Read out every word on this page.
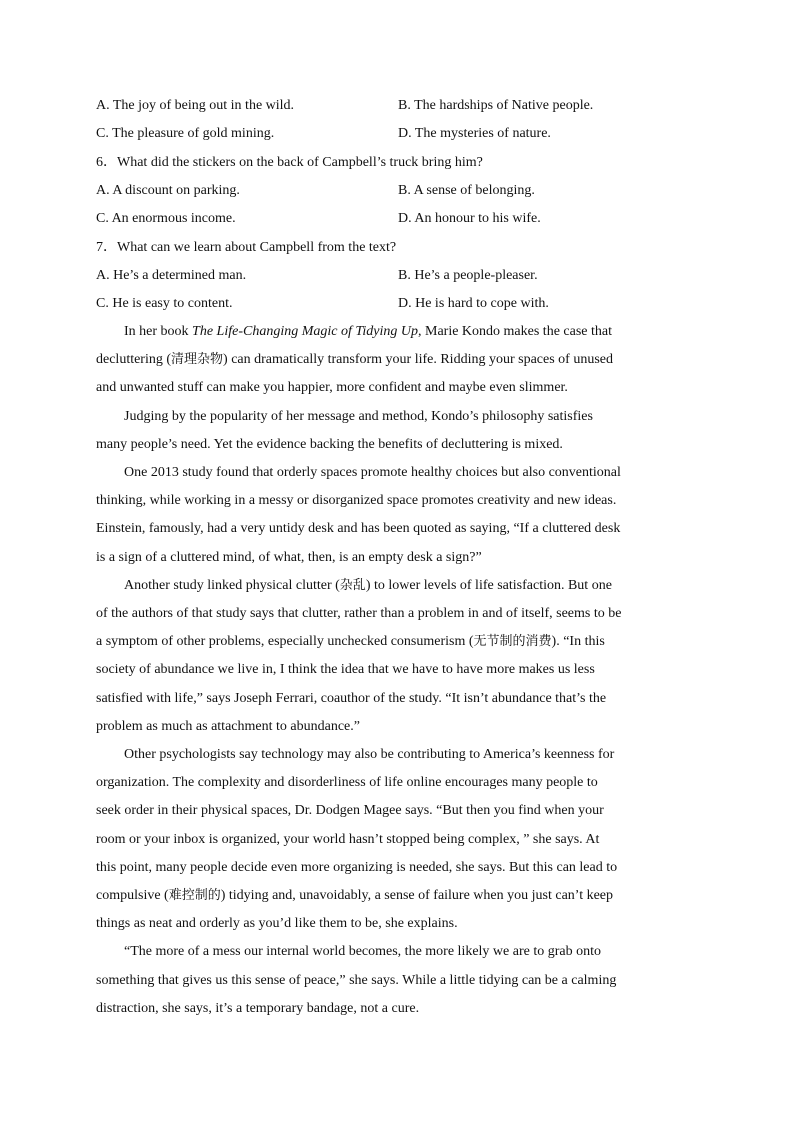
A. The joy of being out in the wild.	B. The hardships of Native people.
C. The pleasure of gold mining.	D. The mysteries of nature.
6．What did the stickers on the back of Campbell’s truck bring him?
A. A discount on parking.	B. A sense of belonging.
C. An enormous income.	D. An honour to his wife.
7．What can we learn about Campbell from the text?
A. He’s a determined man.	B. He’s a people-pleaser.
C. He is easy to content.	D. He is hard to cope with.
In her book The Life-Changing Magic of Tidying Up, Marie Kondo makes the case that
decluttering (清理杂物) can dramatically transform your life. Ridding your spaces of unused
and unwanted stuff can make you happier, more confident and maybe even slimmer.
Judging by the popularity of her message and method, Kondo’s philosophy satisfies
many people’s need. Yet the evidence backing the benefits of decluttering is mixed.
One 2013 study found that orderly spaces promote healthy choices but also conventional
thinking, while working in a messy or disorganized space promotes creativity and new ideas.
Einstein, famously, had a very untidy desk and has been quoted as saying, “If a cluttered desk
is a sign of a cluttered mind, of what, then, is an empty desk a sign?”
Another study linked physical clutter (杂乱) to lower levels of life satisfaction. But one
of the authors of that study says that clutter, rather than a problem in and of itself, seems to be
a symptom of other problems, especially unchecked consumerism (无节制的消费). “In this
society of abundance we live in, I think the idea that we have to have more makes us less
satisfied with life,” says Joseph Ferrari, coauthor of the study. “It isn’t abundance that’s the
problem as much as attachment to abundance.”
Other psychologists say technology may also be contributing to America’s keenness for
organization. The complexity and disorderliness of life online encourages many people to
seek order in their physical spaces, Dr. Dodgen Magee says. “But then you find when your
room or your inbox is organized, your world hasn’t stopped being complex, ” she says. At
this point, many people decide even more organizing is needed, she says. But this can lead to
compulsive (难控制的) tidying and, unavoidably, a sense of failure when you just can’t keep
things as neat and orderly as you’d like them to be, she explains.
“The more of a mess our internal world becomes, the more likely we are to grab onto
something that gives us this sense of peace,” she says. While a little tidying can be a calming
distraction, she says, it’s a temporary bandage, not a cure.
